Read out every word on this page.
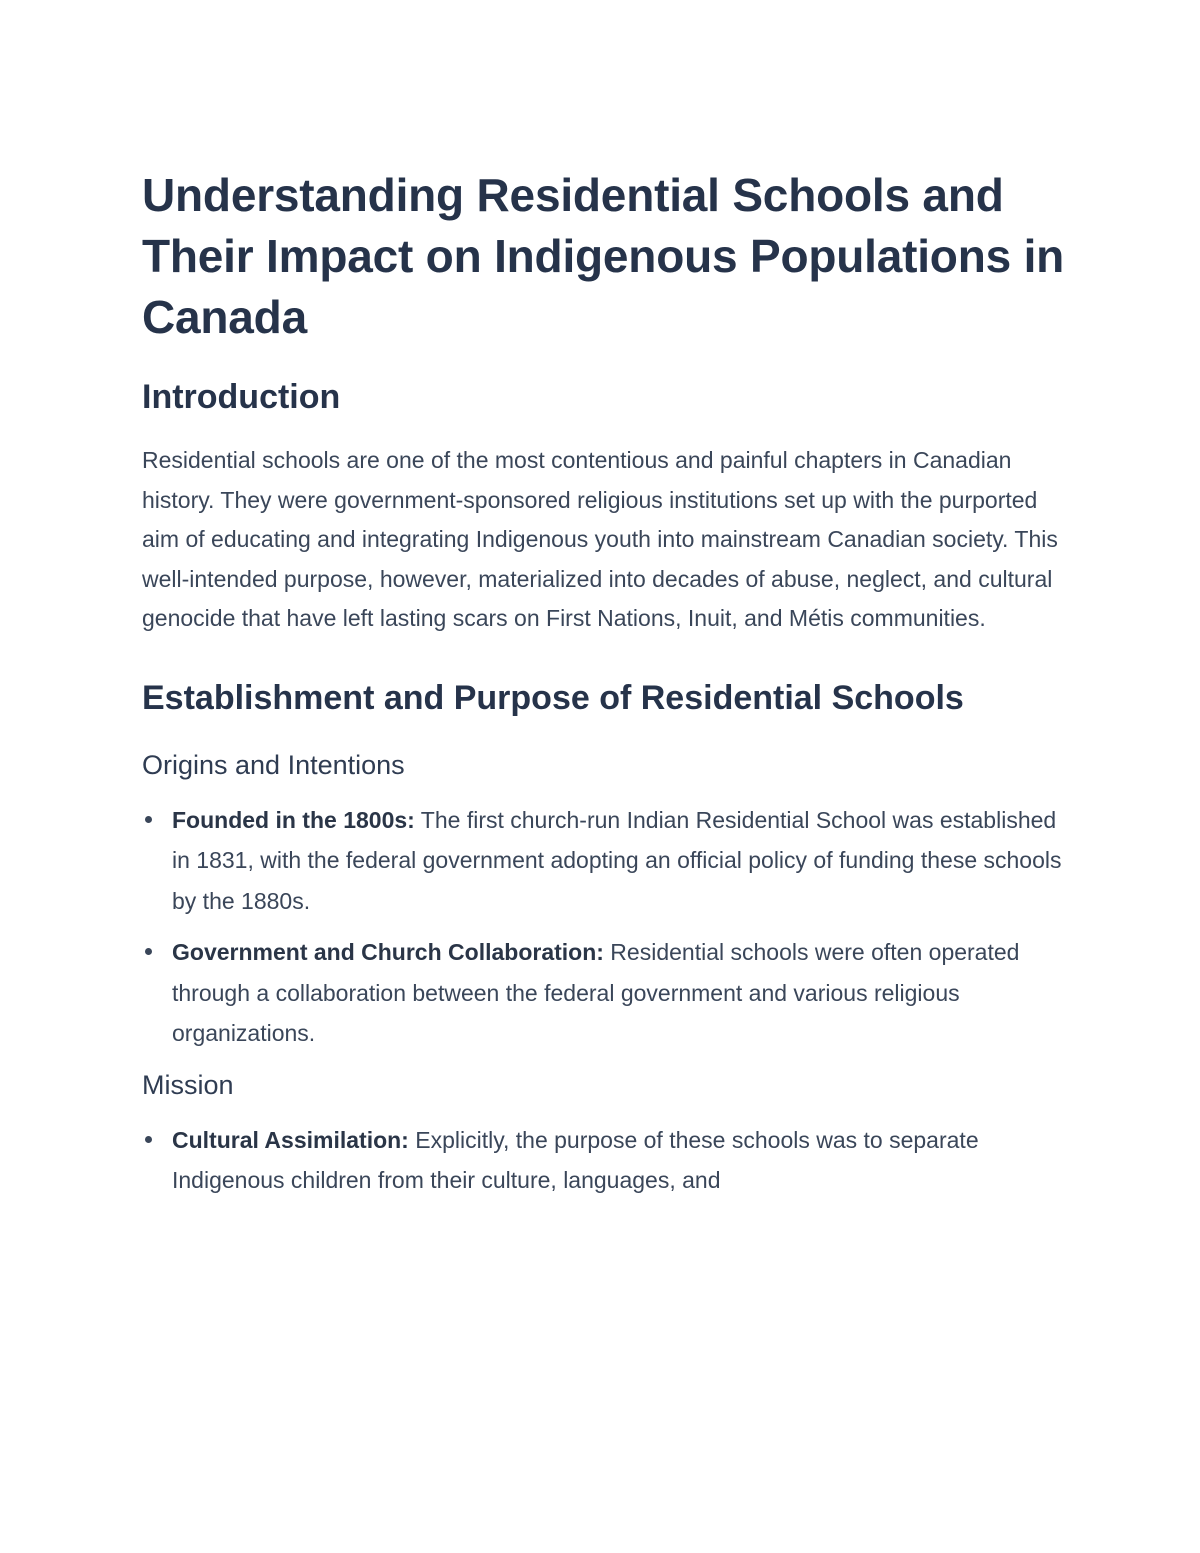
Understanding Residential Schools and Their Impact on Indigenous Populations in Canada
Introduction

Residential schools are one of the most contentious and painful chapters in Canadian history. They were government-sponsored religious institutions set up with the purported aim of educating and integrating Indigenous youth into mainstream Canadian society. This well-intended purpose, however, materialized into decades of abuse, neglect, and cultural genocide that have left lasting scars on First Nations, Inuit, and Métis communities.

Establishment and Purpose of Residential Schools
Origins and Intentions
Founded in the 1800s: The first church-run Indian Residential School was established in 1831, with the federal government adopting an official policy of funding these schools by the 1880s.
Government and Church Collaboration: Residential schools were often operated through a collaboration between the federal government and various religious organizations.
Mission
Cultural Assimilation: Explicitly, the purpose of these schools was to separate Indigenous children from their culture, languages, and
